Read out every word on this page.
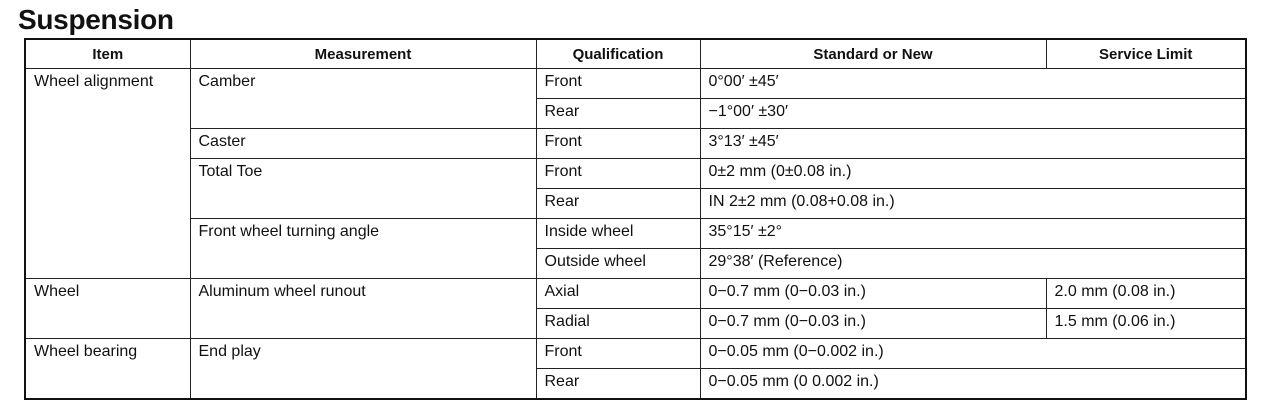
Suspension
Item	Measurement	Qualification	Standard or New	Service Limit
Wheel alignment	Camber	Front	0°00′ ±45′	
		Rear	−1°00′ ±30′	
	Caster	Front	3°13′ ±45′	
	Total Toe	Front	0±2 mm (0±0.08 in.)	
		Rear	IN 2±2 mm (0.08+0.08 in.)	
	Front wheel turning angle	Inside wheel	35°15′ ±2°	
		Outside wheel	29°38′ (Reference)	
Wheel	Aluminum wheel runout	Axial	0−0.7 mm (0−0.03 in.)	2.0 mm (0.08 in.)
		Radial	0−0.7 mm (0−0.03 in.)	1.5 mm (0.06 in.)
Wheel bearing	End play	Front	0−0.05 mm (0−0.002 in.)	
		Rear	0−0.05 mm (0 0.002 in.)	
